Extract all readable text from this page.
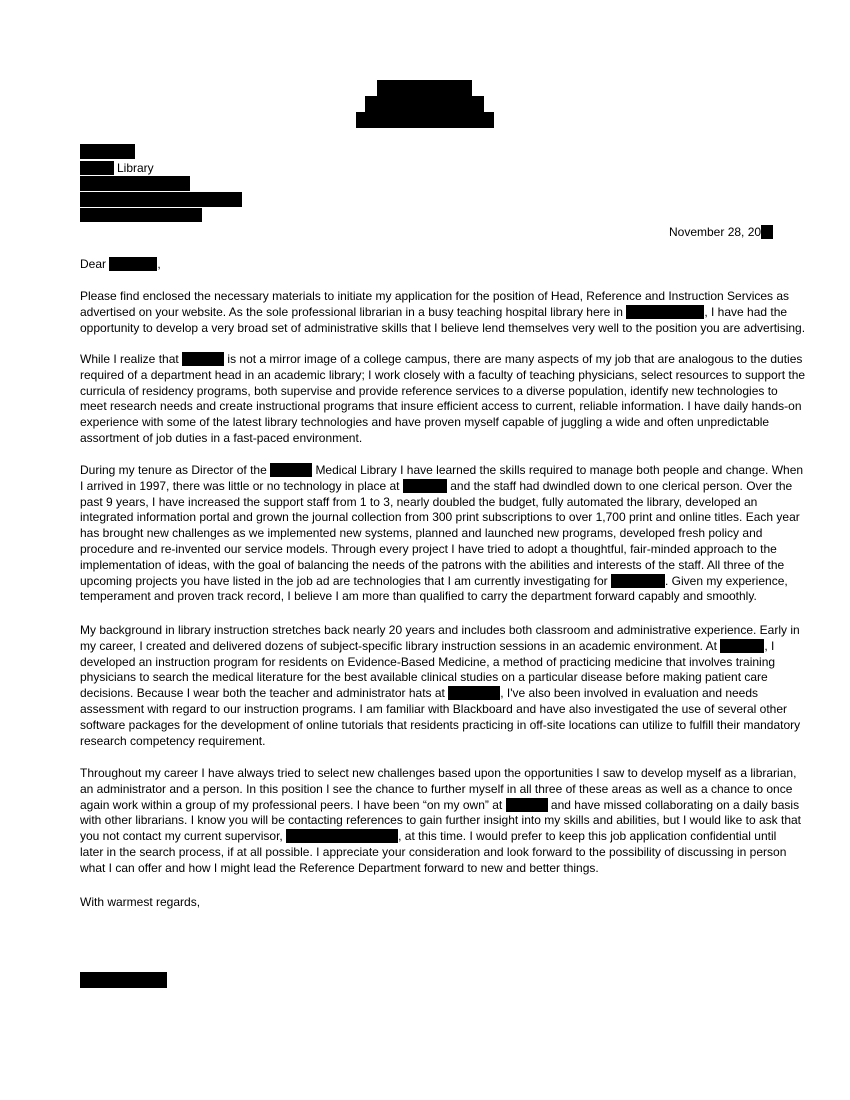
Library
November 28, 20
Dear	,
Please find enclosed the necessary materials to initiate my application for the position of Head, Reference and Instruction Services as
advertised on your website. As the sole professional librarian in a busy teaching hospital library here in	, I have had the
opportunity to develop a very broad set of administrative skills that I believe lend themselves very well to the position you are advertising.
While I realize that	is not a mirror image of a college campus, there are many aspects of my job that are analogous to the duties
required of a department head in an academic library; I work closely with a faculty of teaching physicians, select resources to support the
curricula of residency programs, both supervise and provide reference services to a diverse population, identify new technologies to
meet research needs and create instructional programs that insure efficient access to current, reliable information. I have daily hands-on
experience with some of the latest library technologies and have proven myself capable of juggling a wide and often unpredictable
assortment of job duties in a fast-paced environment.
During my tenure as Director of the	Medical Library I have learned the skills required to manage both people and change. When
I arrived in 1997, there was little or no technology in place at	and the staff had dwindled down to one clerical person. Over the
past 9 years, I have increased the support staff from 1 to 3, nearly doubled the budget, fully automated the library, developed an
integrated information portal and grown the journal collection from 300 print subscriptions to over 1,700 print and online titles. Each year
has brought new challenges as we implemented new systems, planned and launched new programs, developed fresh policy and
procedure and re-invented our service models. Through every project I have tried to adopt a thoughtful, fair-minded approach to the
implementation of ideas, with the goal of balancing the needs of the patrons with the abilities and interests of the staff. All three of the
upcoming projects you have listed in the job ad are technologies that I am currently investigating for	. Given my experience,
temperament and proven track record, I believe I am more than qualified to carry the department forward capably and smoothly.
My background in library instruction stretches back nearly 20 years and includes both classroom and administrative experience. Early in
my career, I created and delivered dozens of subject-specific library instruction sessions in an academic environment. At	, I
developed an instruction program for residents on Evidence-Based Medicine, a method of practicing medicine that involves training
physicians to search the medical literature for the best available clinical studies on a particular disease before making patient care
decisions. Because I wear both the teacher and administrator hats at	, I've also been involved in evaluation and needs
assessment with regard to our instruction programs. I am familiar with Blackboard and have also investigated the use of several other
software packages for the development of online tutorials that residents practicing in off-site locations can utilize to fulfill their mandatory
research competency requirement.
Throughout my career I have always tried to select new challenges based upon the opportunities I saw to develop myself as a librarian,
an administrator and a person. In this position I see the chance to further myself in all three of these areas as well as a chance to once
again work within a group of my professional peers. I have been “on my own” at	and have missed collaborating on a daily basis
with other librarians. I know you will be contacting references to gain further insight into my skills and abilities, but I would like to ask that
you not contact my current supervisor,	, at this time. I would prefer to keep this job application confidential until
later in the search process, if at all possible. I appreciate your consideration and look forward to the possibility of discussing in person
what I can offer and how I might lead the Reference Department forward to new and better things.
With warmest regards,
